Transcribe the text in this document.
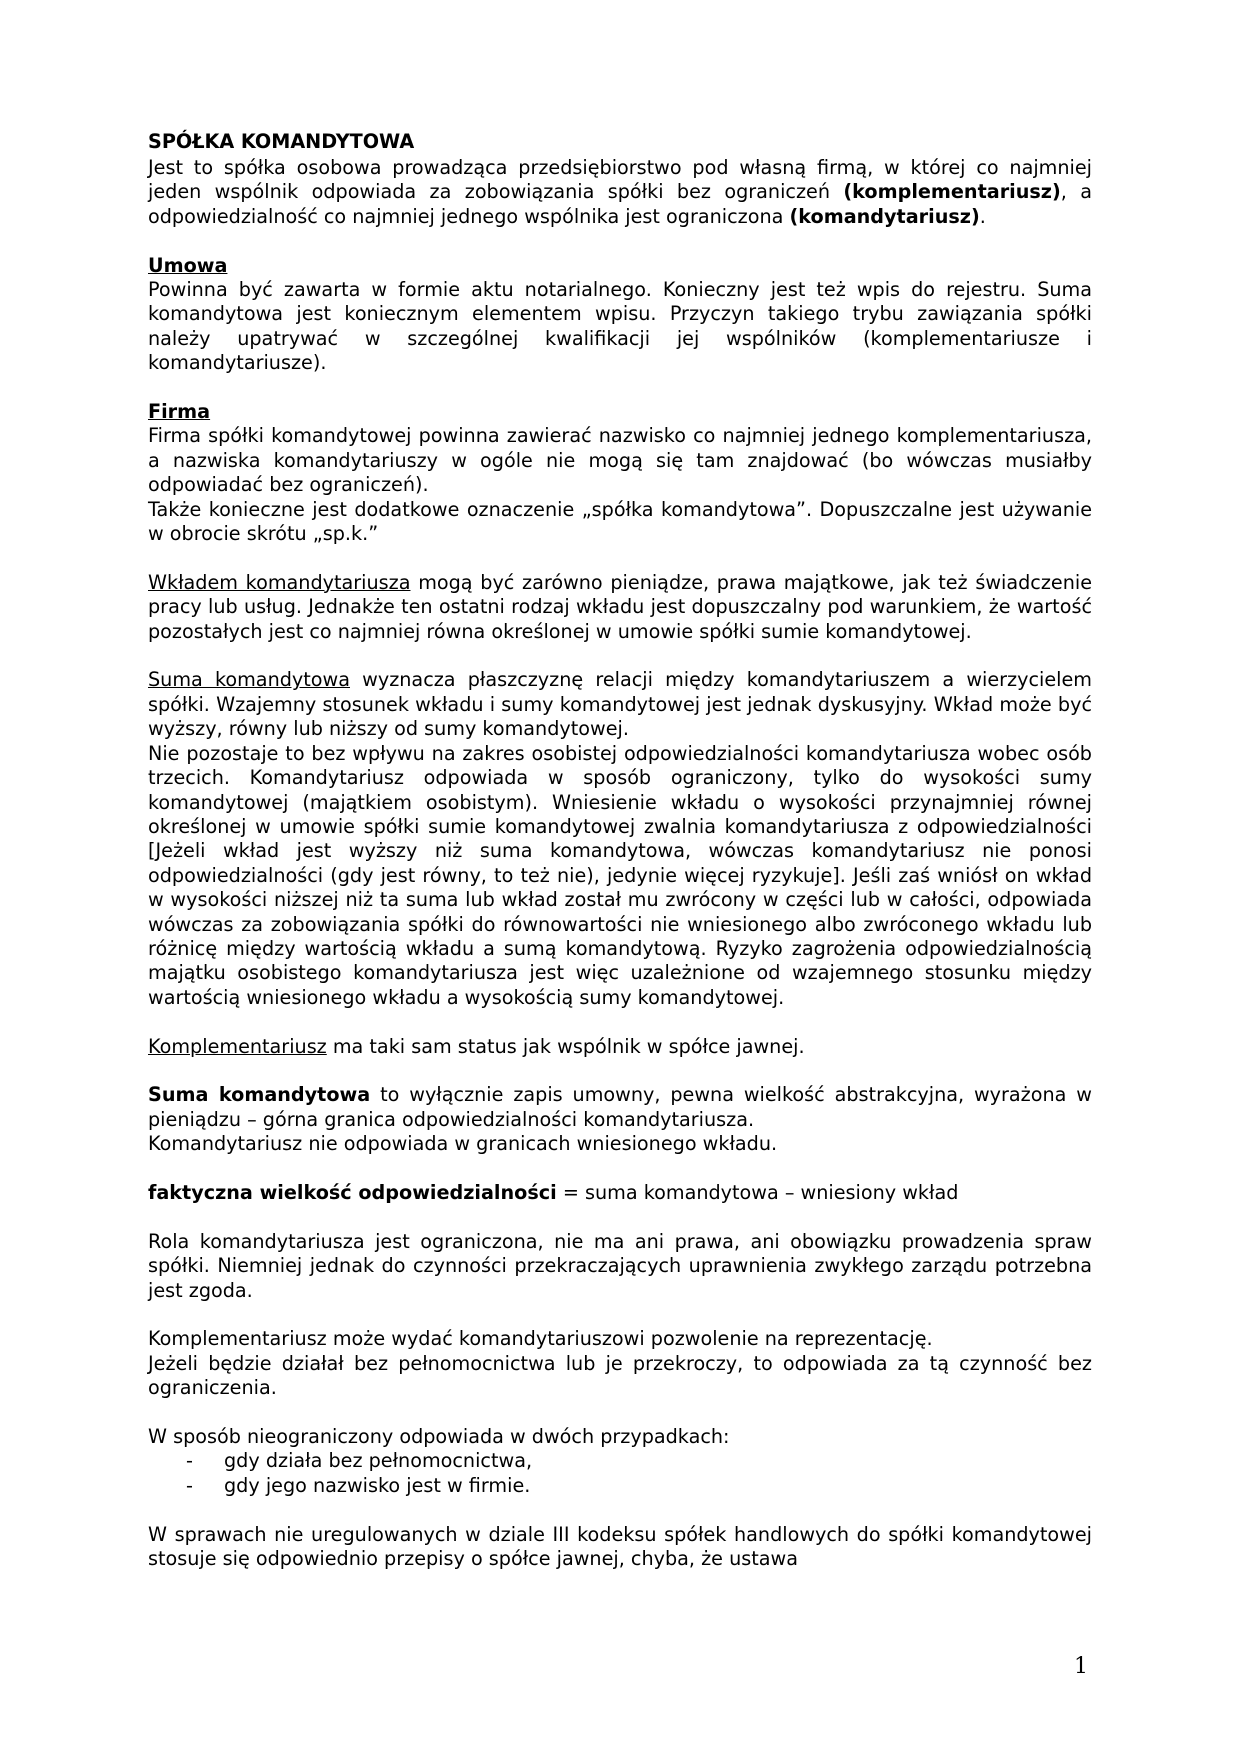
SPÓŁKA KOMANDYTOWA

Jest to spółka osobowa prowadząca przedsiębiorstwo pod własną firmą, w której co najmniej jeden wspólnik odpowiada za zobowiązania spółki bez ograniczeń (komplementariusz), a odpowiedzialność co najmniej jednego wspólnika jest ograniczona (komandytariusz).

Umowa

Powinna być zawarta w formie aktu notarialnego. Konieczny jest też wpis do rejestru. Suma komandytowa jest koniecznym elementem wpisu. Przyczyn takiego trybu zawiązania spółki należy upatrywać w szczególnej kwalifikacji jej wspólników (komplementariusze i komandytariusze).

Firma

Firma spółki komandytowej powinna zawierać nazwisko co najmniej jednego komplementariusza, a nazwiska komandytariuszy w ogóle nie mogą się tam znajdować (bo wówczas musiałby odpowiadać bez ograniczeń).

Także konieczne jest dodatkowe oznaczenie „spółka komandytowa”. Dopuszczalne jest używanie w obrocie skrótu „sp.k.”

Wkładem komandytariusza mogą być zarówno pieniądze, prawa majątkowe, jak też świadczenie pracy lub usług. Jednakże ten ostatni rodzaj wkładu jest dopuszczalny pod warunkiem, że wartość pozostałych jest co najmniej równa określonej w umowie spółki sumie komandytowej.

Suma komandytowa wyznacza płaszczyznę relacji między komandytariuszem a wierzycielem spółki. Wzajemny stosunek wkładu i sumy komandytowej jest jednak dyskusyjny. Wkład może być wyższy, równy lub niższy od sumy komandytowej.

Nie pozostaje to bez wpływu na zakres osobistej odpowiedzialności komandytariusza wobec osób trzecich. Komandytariusz odpowiada w sposób ograniczony, tylko do wysokości sumy komandytowej (majątkiem osobistym). Wniesienie wkładu o wysokości przynajmniej równej określonej w umowie spółki sumie komandytowej zwalnia komandytariusza z odpowiedzialności [Jeżeli wkład jest wyższy niż suma komandytowa, wówczas komandytariusz nie ponosi odpowiedzialności (gdy jest równy, to też nie), jedynie więcej ryzykuje]. Jeśli zaś wniósł on wkład w wysokości niższej niż ta suma lub wkład został mu zwrócony w części lub w całości, odpowiada wówczas za zobowiązania spółki do równowartości nie wniesionego albo zwróconego wkładu lub różnicę między wartością wkładu a sumą komandytową. Ryzyko zagrożenia odpowiedzialnością majątku osobistego komandytariusza jest więc uzależnione od wzajemnego stosunku między wartością wniesionego wkładu a wysokością sumy komandytowej.

Komplementariusz ma taki sam status jak wspólnik w spółce jawnej.

Suma komandytowa to wyłącznie zapis umowny, pewna wielkość abstrakcyjna, wyrażona w pieniądzu – górna granica odpowiedzialności komandytariusza.

Komandytariusz nie odpowiada w granicach wniesionego wkładu.

faktyczna wielkość odpowiedzialności = suma komandytowa – wniesiony wkład

Rola komandytariusza jest ograniczona, nie ma ani prawa, ani obowiązku prowadzenia spraw spółki. Niemniej jednak do czynności przekraczających uprawnienia zwykłego zarządu potrzebna jest zgoda.

Komplementariusz może wydać komandytariuszowi pozwolenie na reprezentację.

Jeżeli będzie działał bez pełnomocnictwa lub je przekroczy, to odpowiada za tą czynność bez ograniczenia.

W sposób nieograniczony odpowiada w dwóch przypadkach:

- gdy działa bez pełnomocnictwa,
- gdy jego nazwisko jest w firmie.

W sprawach nie uregulowanych w dziale III kodeksu spółek handlowych do spółki komandytowej stosuje się odpowiednio przepisy o spółce jawnej, chyba, że ustawa

1
